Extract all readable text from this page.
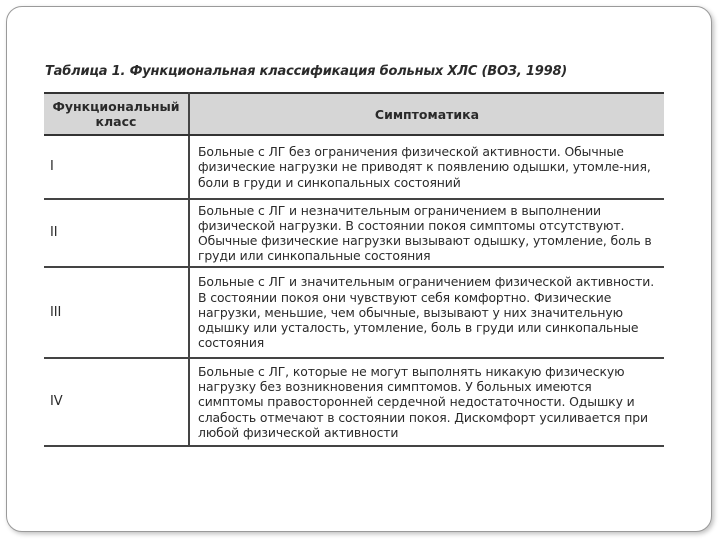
Таблица 1. Функциональная классификация больных ХЛС (ВОЗ, 1998)
Функциональный класс	Симптоматика
I	Больные с ЛГ без ограничения физической активности. Обычные физические нагрузки не приводят к появлению одышки, утомле-ния, боли в груди и синкопальных состояний
II	Больные с ЛГ и незначительным ограничением в выполнении физической нагрузки. В состоянии покоя симптомы отсутствуют. Обычные физические нагрузки вызывают одышку, утомление, боль в груди или синкопальные состояния
III	Больные с ЛГ и значительным ограничением физической активности. В состоянии покоя они чувствуют себя комфортно. Физические нагрузки, меньшие, чем обычные, вызывают у них значительную одышку или усталость, утомление, боль в груди или синкопальные состояния
IV	Больные с ЛГ, которые не могут выполнять никакую физическую нагрузку без возникновения симптомов. У больных имеются симптомы правосторонней сердечной недостаточности. Одышку и слабость отмечают в состоянии покоя. Дискомфорт усиливается при любой физической активности
